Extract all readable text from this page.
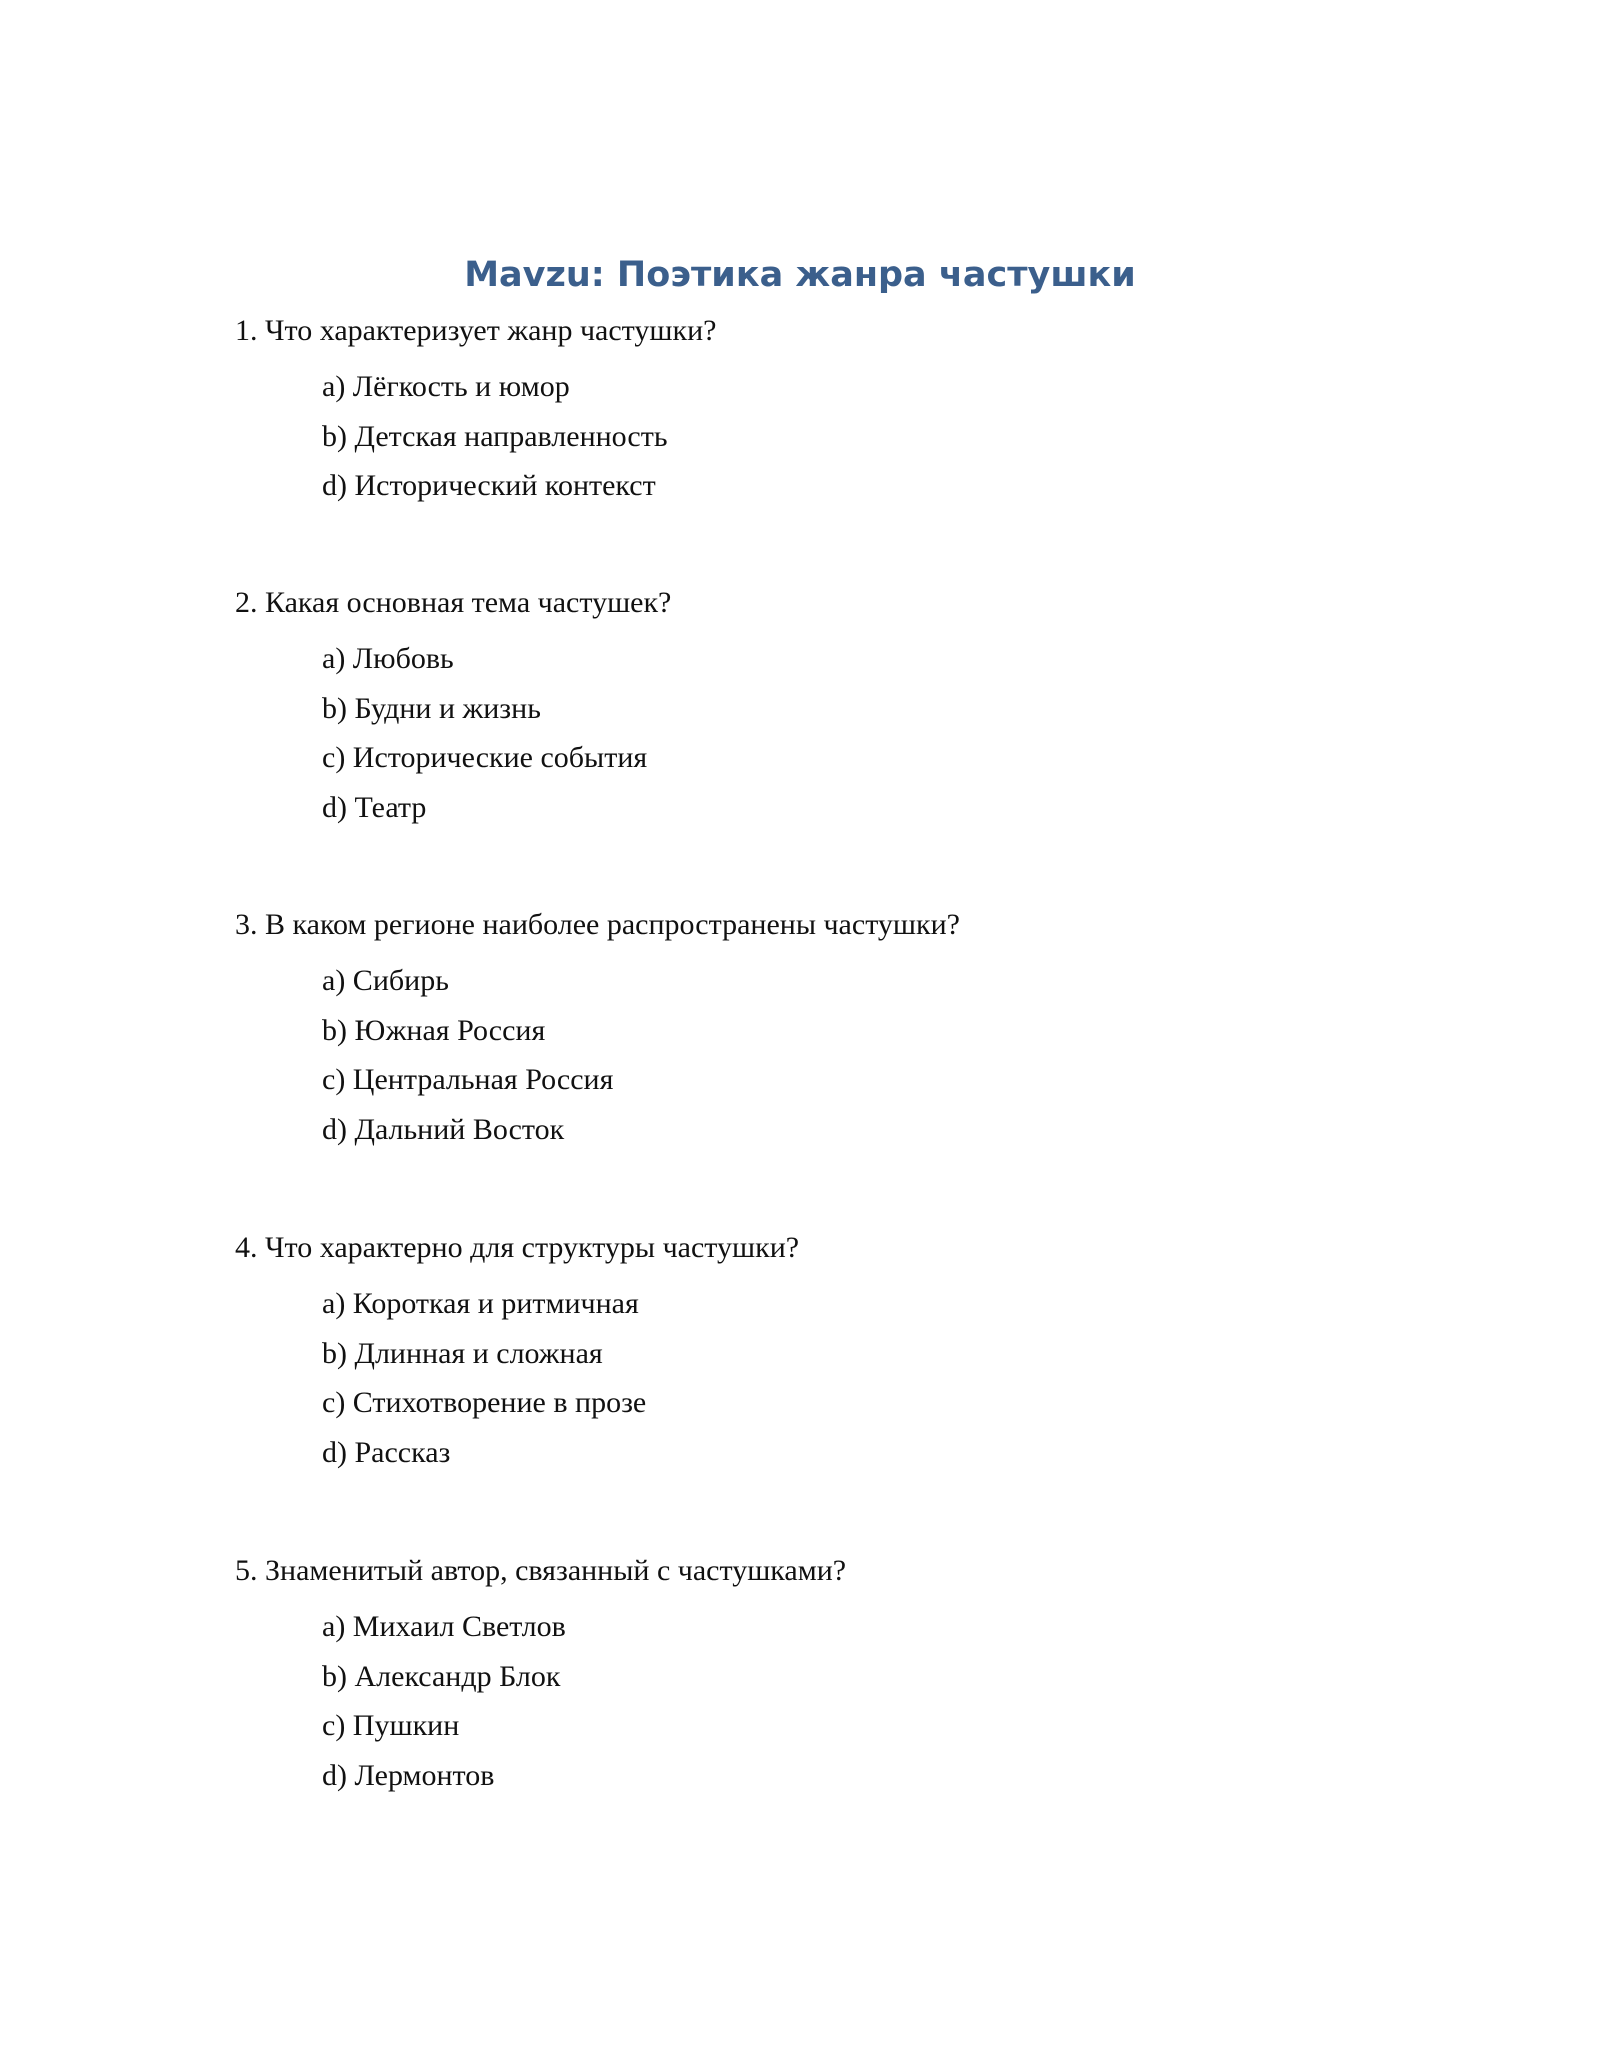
Mavzu: Поэтика жанра частушки
1. Что характеризует жанр частушки?
a) Лёгкость и юмор
b) Детская направленность
d) Исторический контекст
2. Какая основная тема частушек?
a) Любовь
b) Будни и жизнь
c) Исторические события
d) Театр
3. В каком регионе наиболее распространены частушки?
a) Сибирь
b) Южная Россия
c) Центральная Россия
d) Дальний Восток
4. Что характерно для структуры частушки?
a) Короткая и ритмичная
b) Длинная и сложная
c) Стихотворение в прозе
d) Рассказ
5. Знаменитый автор, связанный с частушками?
a) Михаил Светлов
b) Александр Блок
c) Пушкин
d) Лермонтов
